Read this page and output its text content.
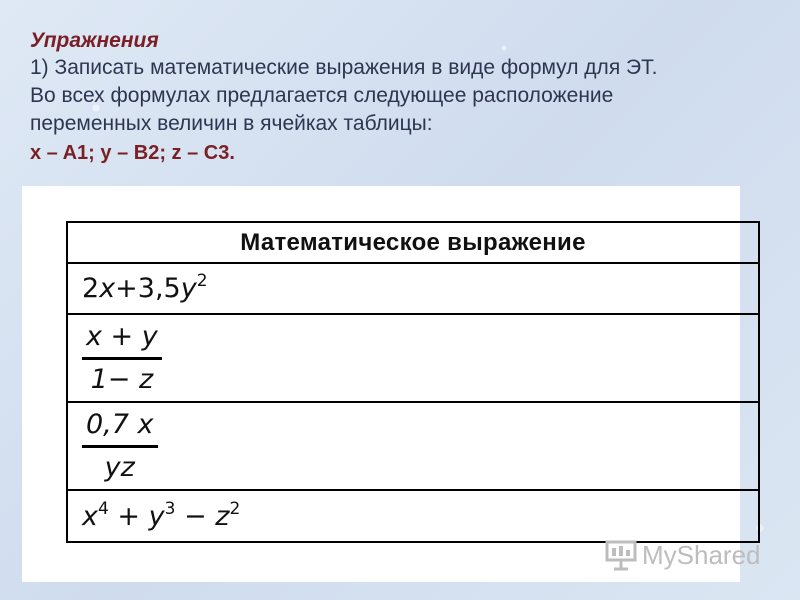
Упражнения
1) Записать математические выражения в виде формул для ЭТ.
Во всех формулах предлагается следующее расположение
переменных величин в ячейках таблицы:
x – A1; y – B2; z – C3.
Математическое выражение
$2x+3,5y^2$

$\frac{x + y}{1- z}$

$\frac{0,7 x}{yz}$

$x^4 + y^3 - z^2$
MyShared
